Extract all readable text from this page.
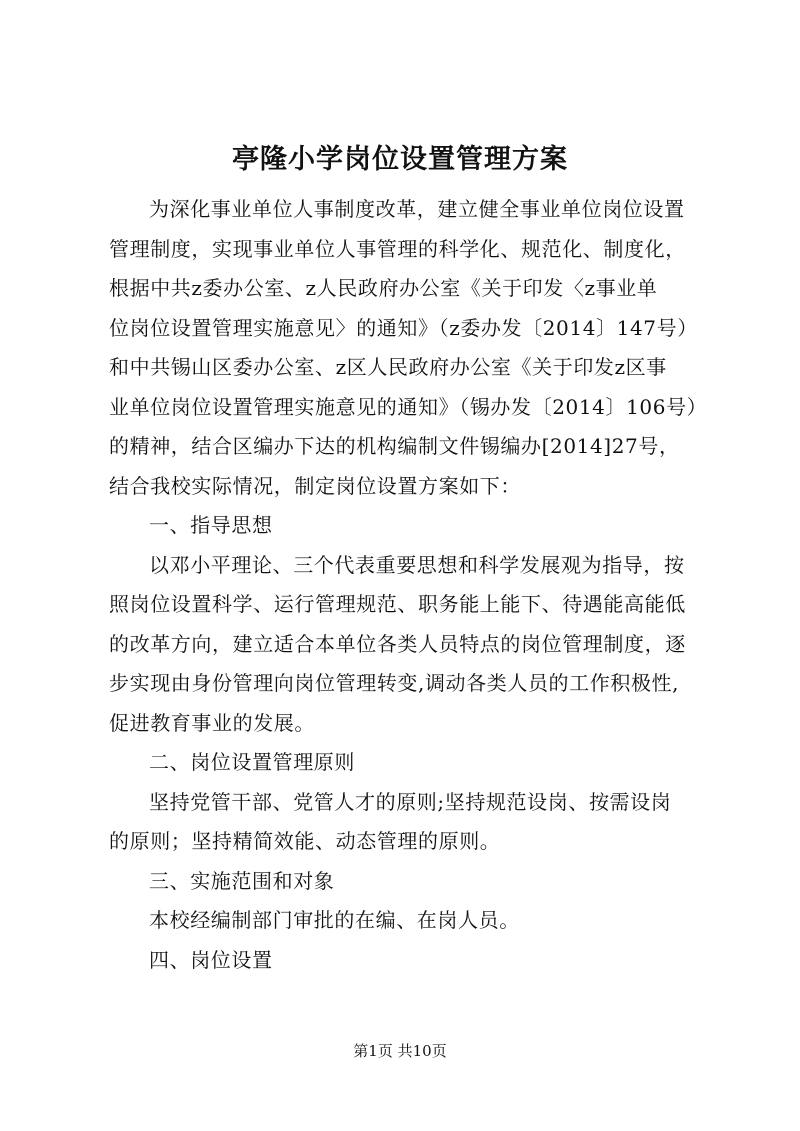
亭隆小学岗位设置管理方案
为深化事业单位人事制度改革，建立健全事业单位岗位设置
管理制度，实现事业单位人事管理的科学化、规范化、制度化，
根据中共z委办公室、z人民政府办公室《关于印发〈z事业单
位岗位设置管理实施意见〉的通知》（z委办发〔2014〕147号）
和中共锡山区委办公室、z区人民政府办公室《关于印发z区事
业单位岗位设置管理实施意见的通知》（锡办发〔2014〕106号）
的精神，结合区编办下达的机构编制文件锡编办[2014]27号，
结合我校实际情况，制定岗位设置方案如下：
一、指导思想
以邓小平理论、三个代表重要思想和科学发展观为指导，按
照岗位设置科学、运行管理规范、职务能上能下、待遇能高能低
的改革方向，建立适合本单位各类人员特点的岗位管理制度，逐
步实现由身份管理向岗位管理转变,调动各类人员的工作积极性,
促进教育事业的发展。
二、岗位设置管理原则
坚持党管干部、党管人才的原则;坚持规范设岗、按需设岗
的原则；坚持精简效能、动态管理的原则。
三、实施范围和对象
本校经编制部门审批的在编、在岗人员。
四、岗位设置
第1页 共10页
